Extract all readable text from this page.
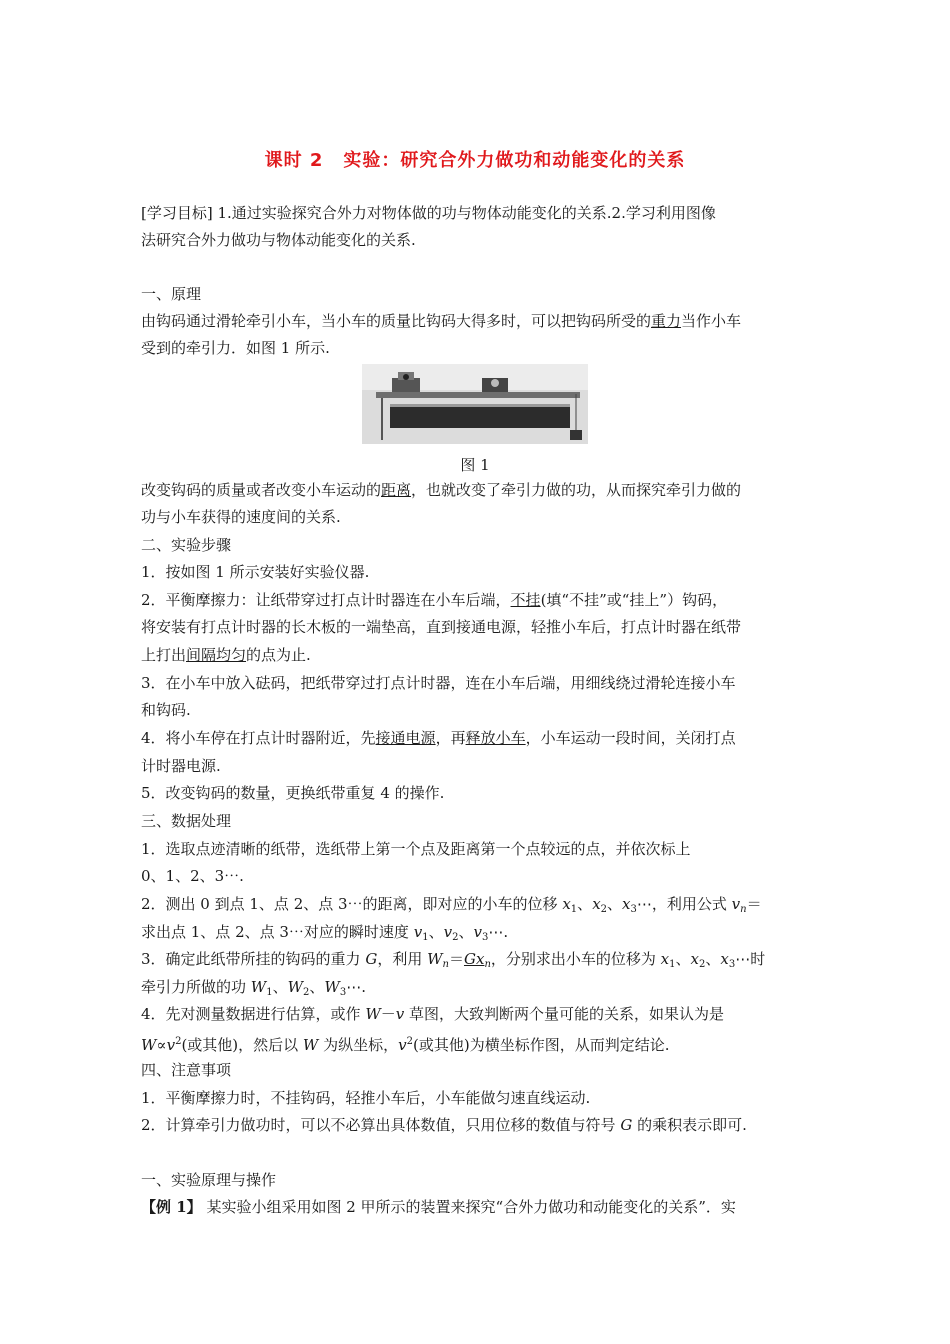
课时 2 实验：研究合外力做功和动能变化的关系
[学习目标] 1.通过实验探究合外力对物体做的功与物体动能变化的关系.2.学习利用图像
法研究合外力做功与物体动能变化的关系.
一、原理
由钩码通过滑轮牵引小车，当小车的质量比钩码大得多时，可以把钩码所受的重力当作小车
受到的牵引力．如图 1 所示.
图 1
改变钩码的质量或者改变小车运动的距离，也就改变了牵引力做的功，从而探究牵引力做的
功与小车获得的速度间的关系.
二、实验步骤
1．按如图 1 所示安装好实验仪器.
2．平衡摩擦力：让纸带穿过打点计时器连在小车后端，不挂(填“不挂”或“挂上”）钩码，
将安装有打点计时器的长木板的一端垫高，直到接通电源，轻推小车后，打点计时器在纸带
上打出间隔均匀的点为止.
3．在小车中放入砝码，把纸带穿过打点计时器，连在小车后端，用细线绕过滑轮连接小车
和钩码.
4．将小车停在打点计时器附近，先接通电源，再释放小车，小车运动一段时间，关闭打点
计时器电源.
5．改变钩码的数量，更换纸带重复 4 的操作.
三、数据处理
1．选取点迹清晰的纸带，选纸带上第一个点及距离第一个点较远的点，并依次标上
0、1、2、3⋯.
2．测出 0 到点 1、点 2、点 3⋯的距离，即对应的小车的位移 $x_1$、$x_2$、$x_3\cdots$，利用公式 $v_n=$
求出点 1、点 2、点 3⋯对应的瞬时速度 $v_1$、$v_2$、$v_3\cdots$.
3．确定此纸带所挂的钩码的重力 G，利用 $W_n=Gx_n$，分别求出小车的位移为 $x_1$、$x_2$、$x_3\cdots$时
牵引力所做的功 $W_1$、$W_2$、$W_3\cdots$.
4．先对测量数据进行估算，或作 W－v 草图，大致判断两个量可能的关系，如果认为是
$W\propto v^2$(或其他)，然后以 W 为纵坐标，$v^2$(或其他)为横坐标作图，从而判定结论.
四、注意事项
1．平衡摩擦力时，不挂钩码，轻推小车后，小车能做匀速直线运动.
2．计算牵引力做功时，可以不必算出具体数值，只用位移的数值与符号 G 的乘积表示即可.
一、实验原理与操作
【例 1】 某实验小组采用如图 2 甲所示的装置来探究“合外力做功和动能变化的关系”．实
